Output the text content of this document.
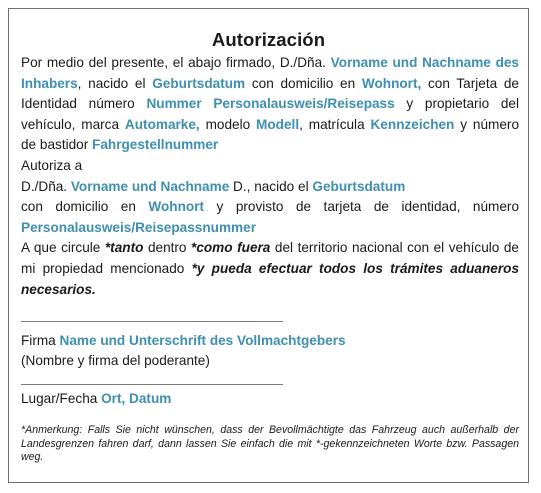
Autorización
Por medio del presente, el abajo firmado, D./Dña. Vorname und Nachname des Inhabers, nacido el Geburtsdatum con domicilio en Wohnort, con Tarjeta de Identidad número Nummer Personalausweis/Reisepass y propietario del vehículo, marca Automarke, modelo Modell, matrícula Kennzeichen y número de bastidor Fahrgestellnummer
Autoriza a
D./Dña. Vorname und Nachname D., nacido el Geburtsdatum
con domicilio en Wohnort y provisto de tarjeta de identidad, número Personalausweis/Reisepassnummer
A que circule *tanto dentro *como fuera del territorio nacional con el vehículo de mi propiedad mencionado *y pueda efectuar todos los trámites aduaneros necesarios.
Firma Name und Unterschrift des Vollmachtgebers
(Nombre y firma del poderante)
Lugar/Fecha Ort, Datum
*Anmerkung: Falls Sie nicht wünschen, dass der Bevollmächtigte das Fahrzeug auch außerhalb der Landesgrenzen fahren darf, dann lassen Sie einfach die mit *-gekennzeichneten Worte bzw. Passagen weg.
